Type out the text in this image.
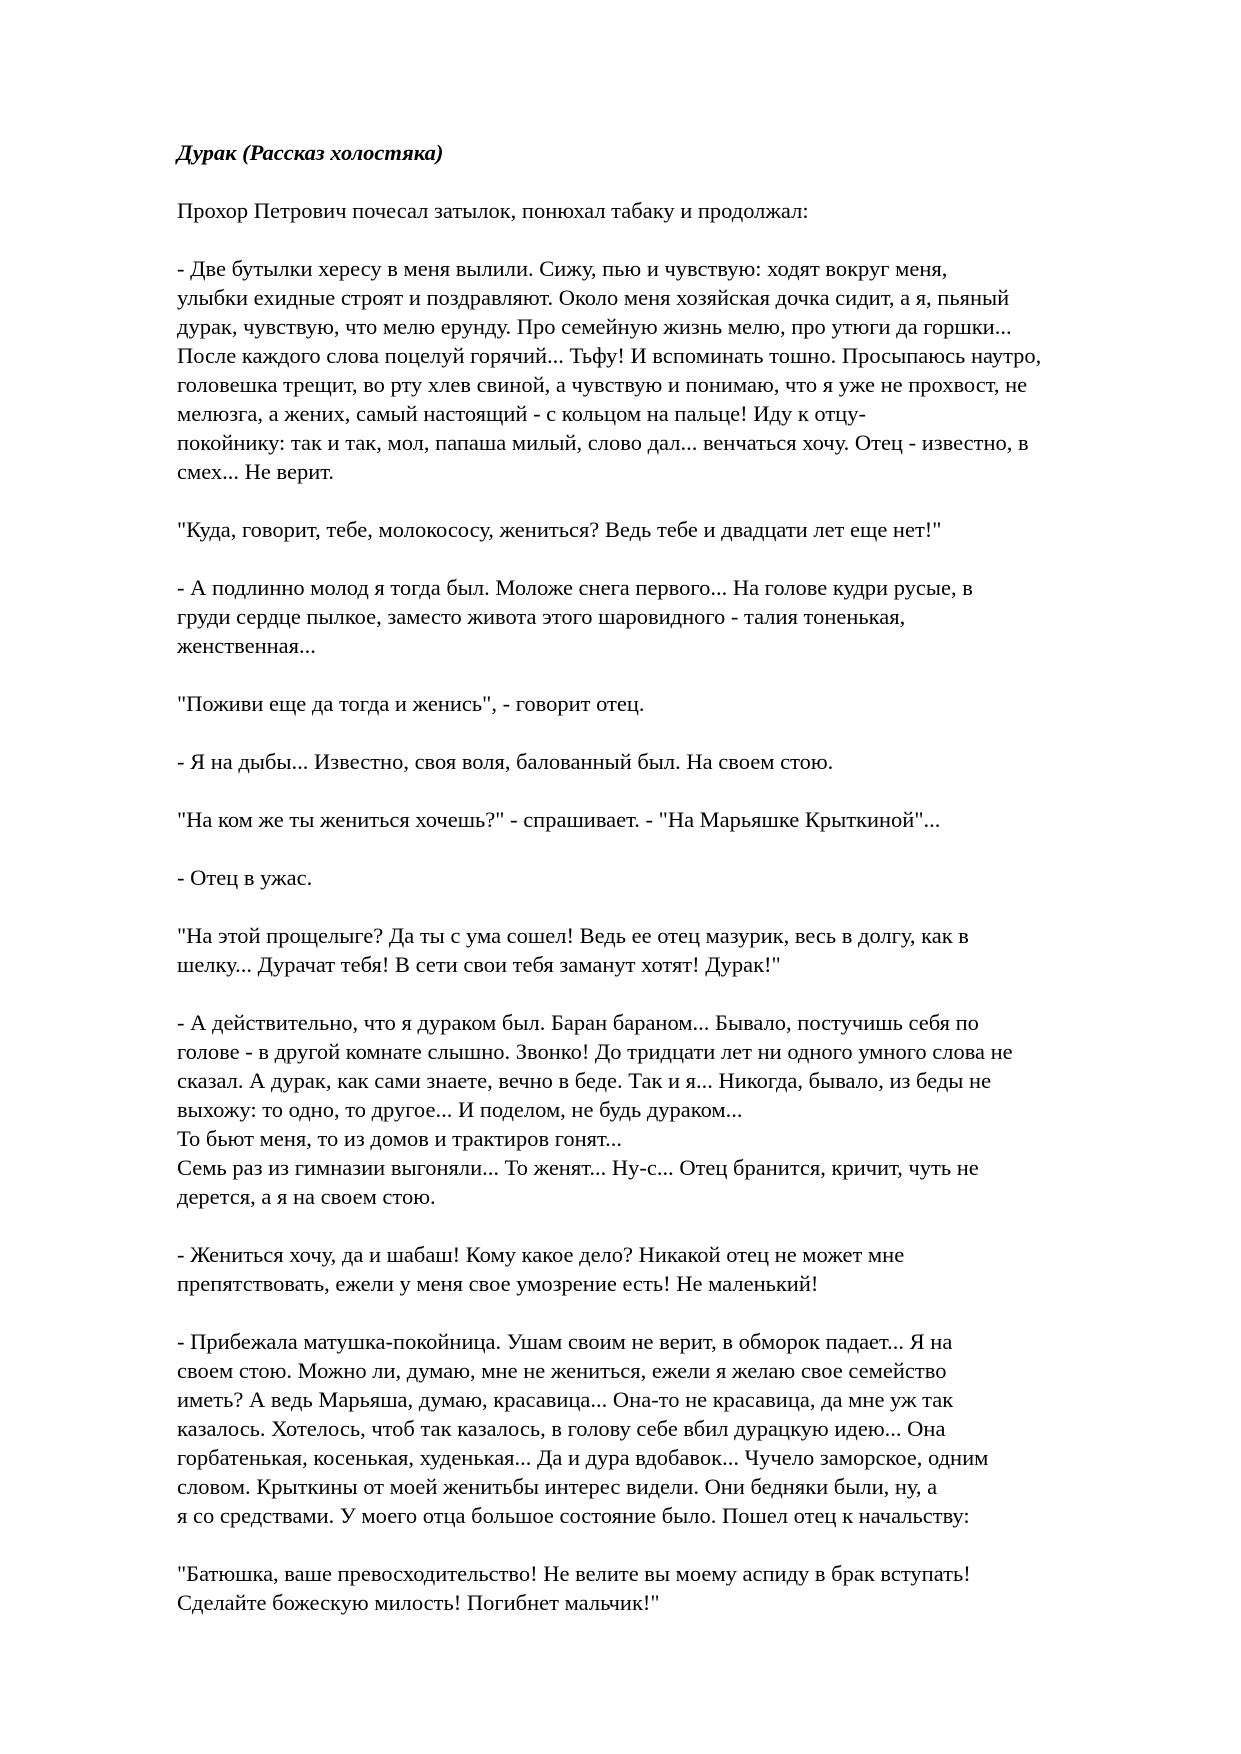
Дурак (Рассказ холостяка)

Прохор Петрович почесал затылок, понюхал табаку и продолжал:

- Две бутылки хересу в меня вылили. Сижу, пью и чувствую: ходят вокруг меня,
улыбки ехидные строят и поздравляют. Около меня хозяйская дочка сидит, а я, пьяный
дурак, чувствую, что мелю ерунду. Про семейную жизнь мелю, про утюги да горшки...
После каждого слова поцелуй горячий... Тьфу! И вспоминать тошно. Просыпаюсь наутро,
головешка трещит, во рту хлев свиной, а чувствую и понимаю, что я уже не прохвост, не
мелюзга, а жених, самый настоящий - с кольцом на пальце! Иду к отцу-
покойнику: так и так, мол, папаша милый, слово дал... венчаться хочу. Отец - известно, в
смех... Не верит.

"Куда, говорит, тебе, молокососу, жениться? Ведь тебе и двадцати лет еще нет!"

- А подлинно молод я тогда был. Моложе снега первого... На голове кудри русые, в
груди сердце пылкое, заместо живота этого шаровидного - талия тоненькая,
женственная...

"Поживи еще да тогда и женись", - говорит отец.

- Я на дыбы... Известно, своя воля, балованный был. На своем стою.

"На ком же ты жениться хочешь?" - спрашивает. - "На Марьяшке Крыткиной"...

- Отец в ужас.

"На этой прощелыге? Да ты с ума сошел! Ведь ее отец мазурик, весь в долгу, как в
шелку... Дурачат тебя! В сети свои тебя заманут хотят! Дурак!"

- А действительно, что я дураком был. Баран бараном... Бывало, постучишь себя по
голове - в другой комнате слышно. Звонко! До тридцати лет ни одного умного слова не
сказал. А дурак, как сами знаете, вечно в беде. Так и я... Никогда, бывало, из беды не
выхожу: то одно, то другое... И поделом, не будь дураком...
То бьют меня, то из домов и трактиров гонят...
Семь раз из гимназии выгоняли... То женят... Ну-с... Отец бранится, кричит, чуть не
дерется, а я на своем стою.

- Жениться хочу, да и шабаш! Кому какое дело? Никакой отец не может мне
препятствовать, ежели у меня свое умозрение есть! Не маленький!

- Прибежала матушка-покойница. Ушам своим не верит, в обморок падает... Я на
своем стою. Можно ли, думаю, мне не жениться, ежели я желаю свое семейство
иметь? А ведь Марьяша, думаю, красавица... Она-то не красавица, да мне уж так
казалось. Хотелось, чтоб так казалось, в голову себе вбил дурацкую идею... Она
горбатенькая, косенькая, худенькая... Да и дура вдобавок... Чучело заморское, одним
словом. Крыткины от моей женитьбы интерес видели. Они бедняки были, ну, а
я со средствами. У моего отца большое состояние было. Пошел отец к начальству:

"Батюшка, ваше превосходительство! Не велите вы моему аспиду в брак вступать!
Сделайте божескую милость! Погибнет мальчик!"
